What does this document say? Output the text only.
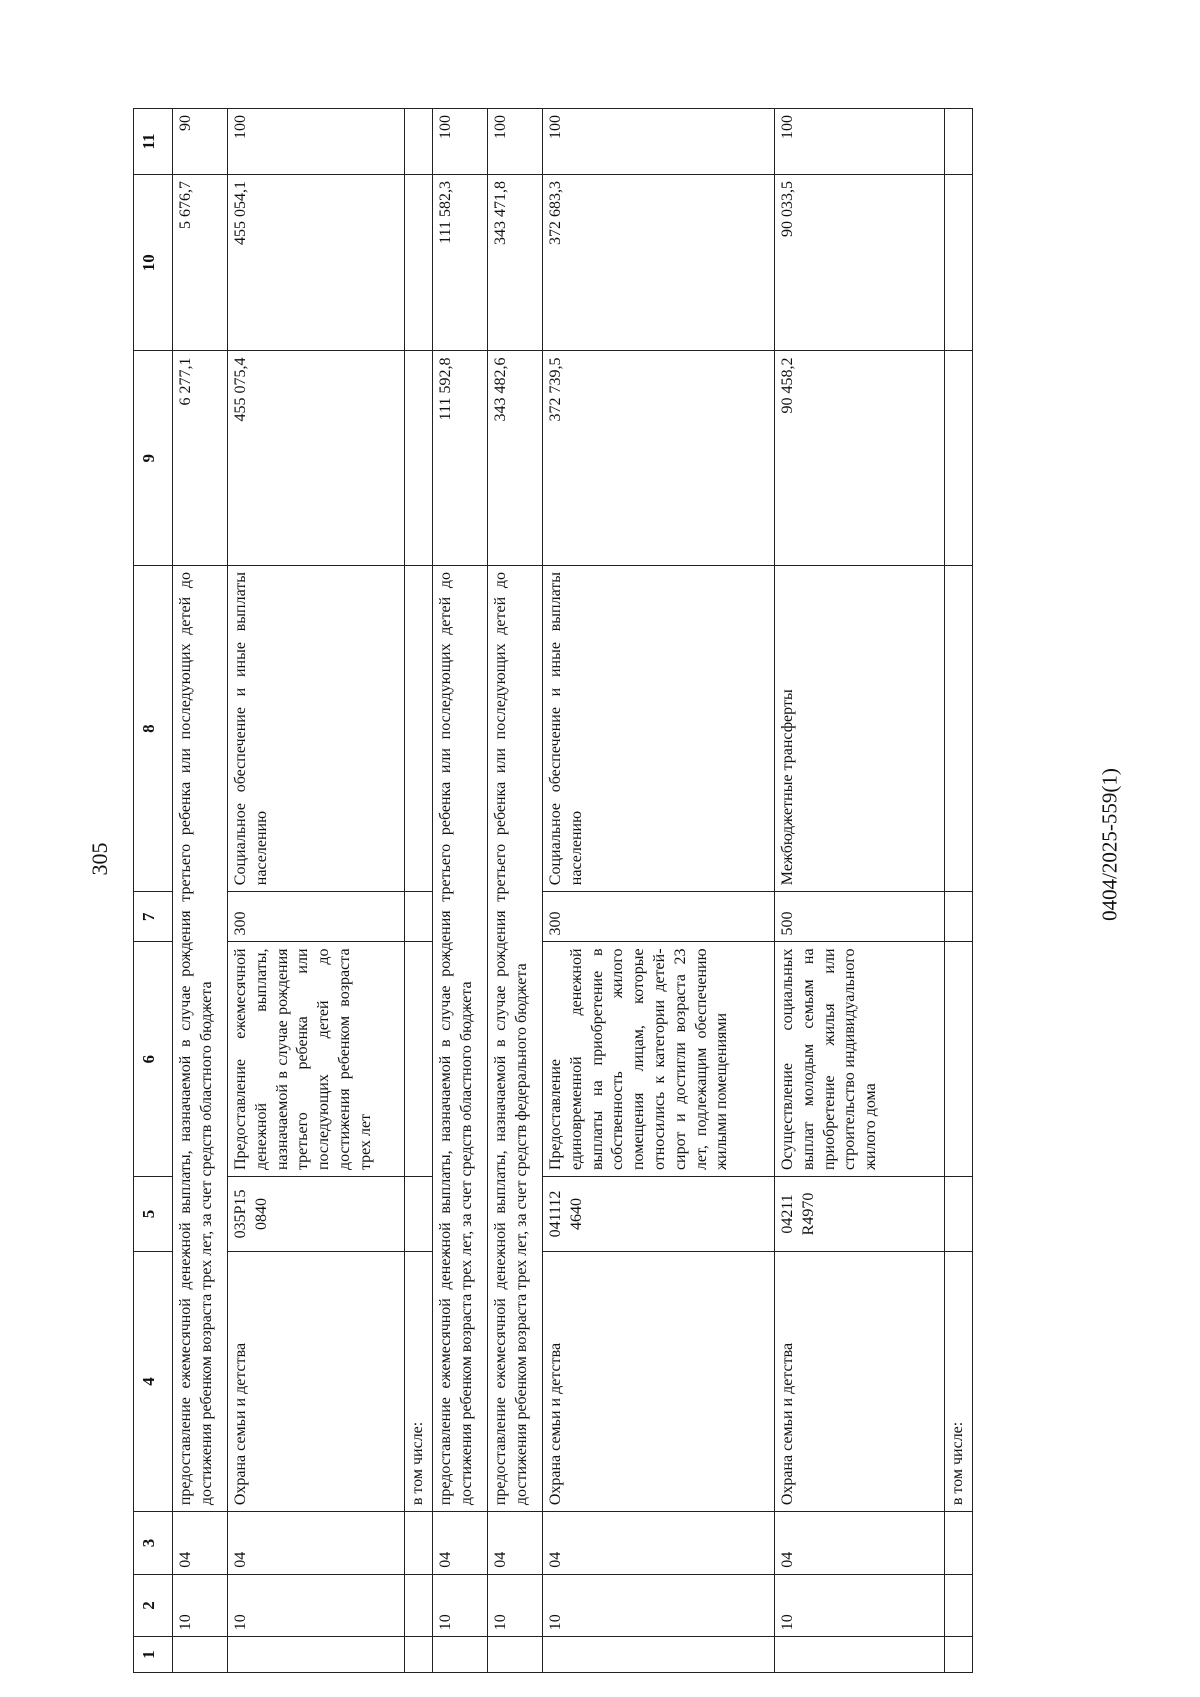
305	0404/2025-559(1)
1	2	3	4	5	6	7	8	9	10	11
	10	04	предоставление ежемесячной денежной выплаты, назначаемой в случае рождения третьего ребенка или последующих детей до достижения ребенком возраста трех лет, за счет средств областного бюджета					6 277,1	5 676,7	90
	10	04	Охрана семьи и детства	035P15
0840	Предоставление ежемесячной денежной выплаты, назначаемой в случае рождения третьего ребенка или последующих детей до достижения ребенком возраста трех лет	300	Социальное обеспечение и иные выплаты населению	455 075,4	455 054,1	100
			в том числе:							
	10	04	предоставление ежемесячной денежной выплаты, назначаемой в случае рождения третьего ребенка или последующих детей до достижения ребенком возраста трех лет, за счет средств областного бюджета					111 592,8	111 582,3	100
	10	04	предоставление ежемесячной денежной выплаты, назначаемой в случае рождения третьего ребенка или последующих детей до достижения ребенком возраста трех лет, за счет средств федерального бюджета					343 482,6	343 471,8	100
	10	04	Охрана семьи и детства	041112
4640	Предоставление единовременной денежной выплаты на приобретение в собственность жилого помещения лицам, которые относились к категории детей-сирот и достигли возраста 23 лет, подлежащим обеспечению жилыми помещениями	300	Социальное обеспечение и иные выплаты населению	372 739,5	372 683,3	100
	10	04	Охрана семьи и детства	04211
R4970	Осуществление социальных выплат молодым семьям на приобретение жилья или строительство индивидуального жилого дома	500	Межбюджетные трансферты	90 458,2	90 033,5	100
			в том числе:							
